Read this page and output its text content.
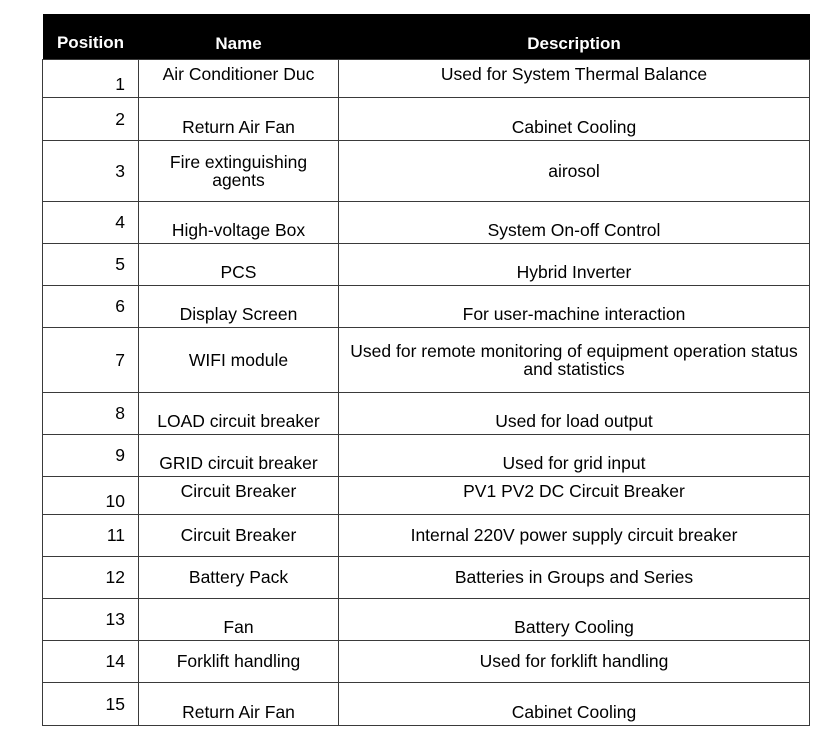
Position	Name	Description
1	Air Conditioner Duc	Used for System Thermal Balance
2	Return Air Fan	Cabinet Cooling
3	Fire extinguishing agents	airosol
4	High-voltage Box	System On-off Control
5	PCS	Hybrid Inverter
6	Display Screen	For user-machine interaction
7	WIFI module	Used for remote monitoring of equipment operation status and statistics
8	LOAD circuit breaker	Used for load output
9	GRID circuit breaker	Used for grid input
10	Circuit Breaker	PV1 PV2 DC Circuit Breaker
11	Circuit Breaker	Internal 220V power supply circuit breaker
12	Battery Pack	Batteries in Groups and Series
13	Fan	Battery Cooling
14	Forklift handling	Used for forklift handling
15	Return Air Fan	Cabinet Cooling
